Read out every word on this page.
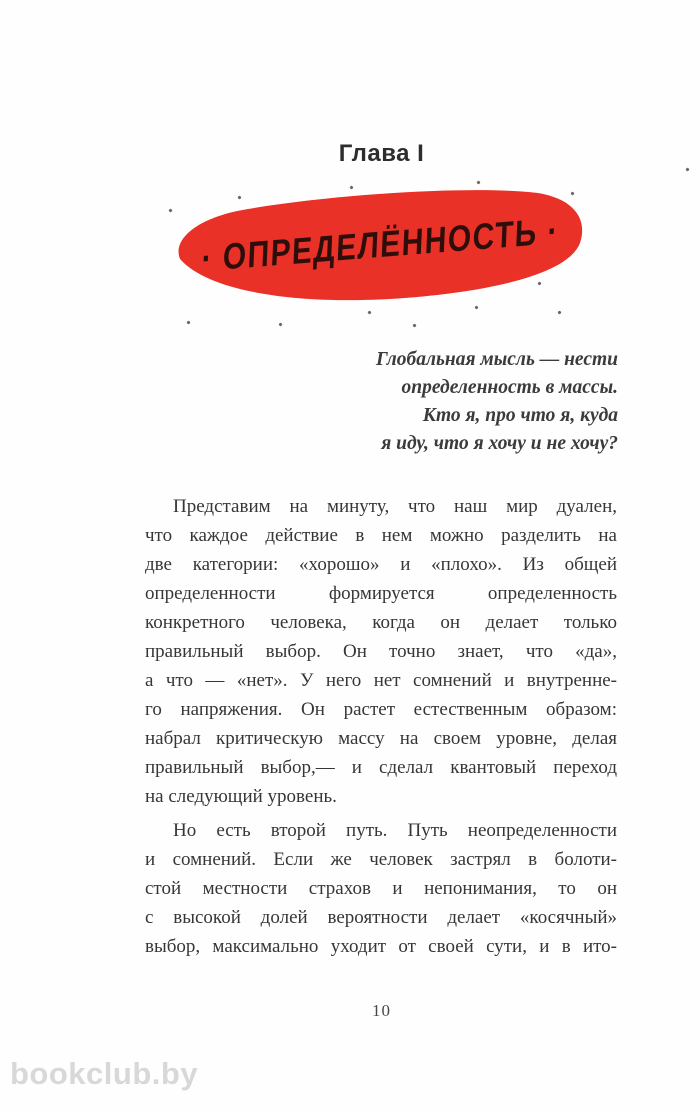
Глава I
· ОПРЕДЕЛЁННОСТЬ ·
Глобальная мысль — нести
определенность в массы.
Кто я, про что я, куда
я иду, что я хочу и не хочу?
Представим на минуту, что наш мир дуален,
что каждое действие в нем можно разделить на
две категории: «хорошо» и «плохо». Из общей
определенности формируется определенность
конкретного человека, когда он делает только
правильный выбор. Он точно знает, что «да»,
а что — «нет». У него нет сомнений и внутренне-
го напряжения. Он растет естественным образом:
набрал критическую массу на своем уровне, делая
правильный выбор,— и сделал квантовый переход
на следующий уровень.
Но есть второй путь. Путь неопределенности
и сомнений. Если же человек застрял в болоти-
стой местности страхов и непонимания, то он
с высокой долей вероятности делает «косячный»
выбор, максимально уходит от своей сути, и в ито-
10
bookclub.by
